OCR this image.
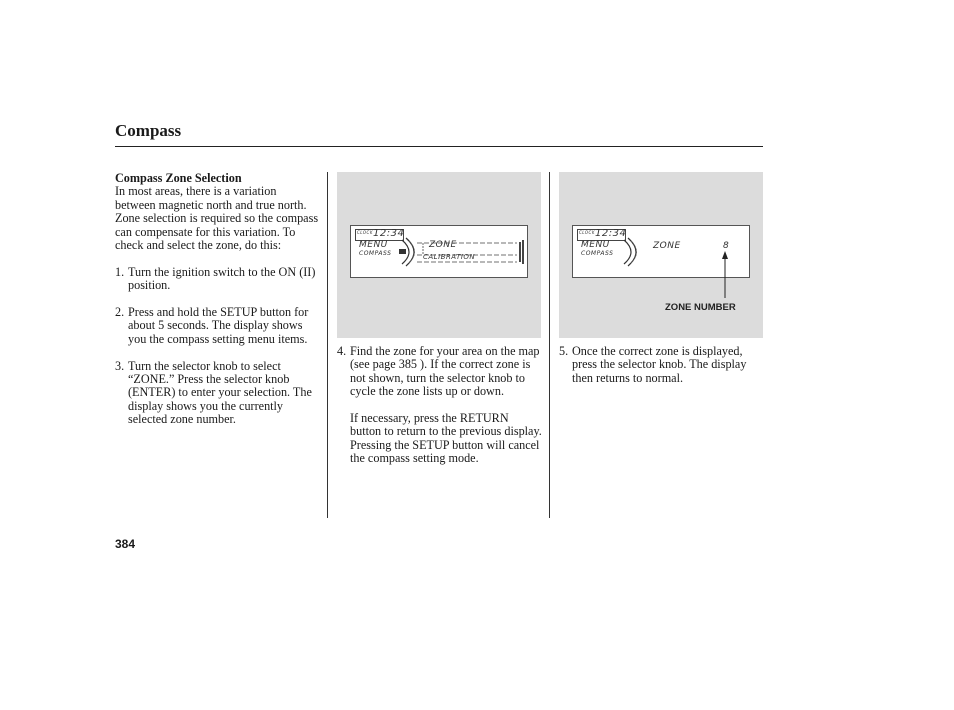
Compass
Compass Zone Selection
In most areas, there is a variation between magnetic north and true north. Zone selection is required so the compass can compensate for this variation. To check and select the zone, do this:
1. Turn the ignition switch to the ON (II) position.
2. Press and hold the SETUP button for about 5 seconds. The display shows you the compass setting menu items.
3. Turn the selector knob to select “ZONE.” Press the selector knob (ENTER) to enter your selection. The display shows you the currently selected zone number.
CLOCK 12:34
MENU
COMPASS
ZONE
CALIBRATION
CLOCK 12:34
MENU
COMPASS
ZONE	8
ZONE NUMBER
4. Find the zone for your area on the map (see page 385 ). If the correct zone is not shown, turn the selector knob to cycle the zone lists up or down.
If necessary, press the RETURN button to return to the previous display. Pressing the SETUP button will cancel the compass setting mode.
5. Once the correct zone is displayed, press the selector knob. The display then returns to normal.
384
